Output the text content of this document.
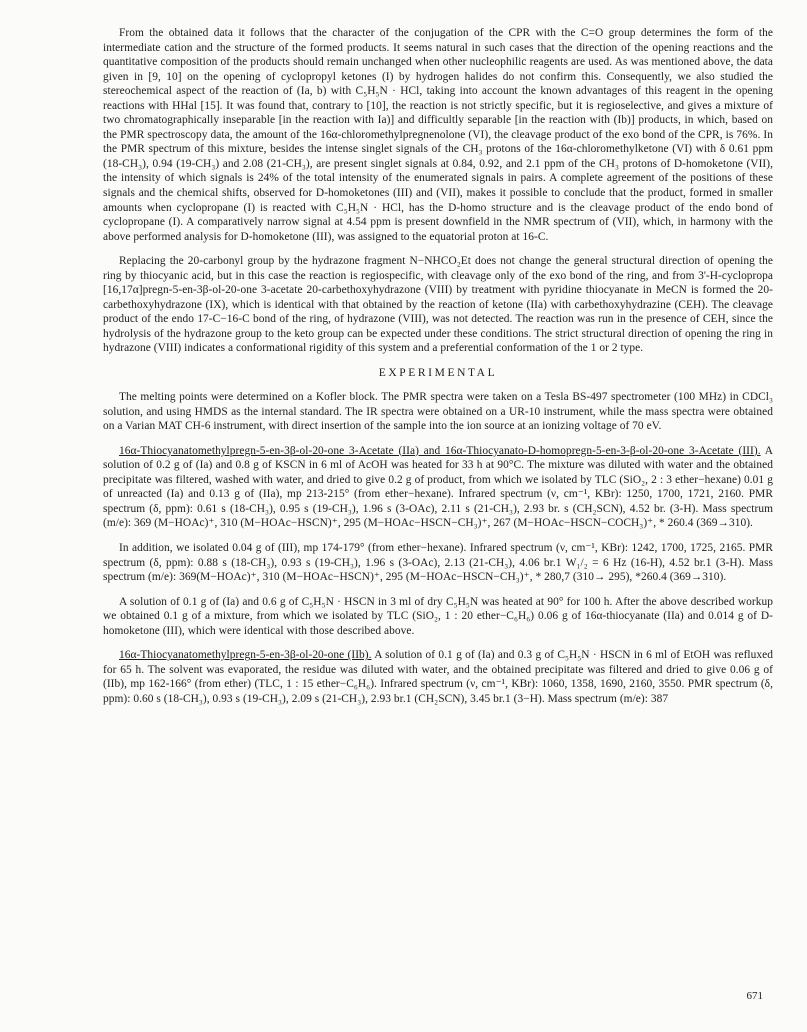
From the obtained data it follows that the character of the conjugation of the CPR with the C=O group determines the form of the intermediate cation and the structure of the formed products. It seems natural in such cases that the direction of the opening reactions and the quantitative composition of the products should remain unchanged when other nucleophilic reagents are used. As was mentioned above, the data given in [9, 10] on the opening of cyclopropyl ketones (I) by hydrogen halides do not confirm this. Consequently, we also studied the stereochemical aspect of the reaction of (Ia, b) with C₅H₅N · HCl, taking into account the known advantages of this reagent in the opening reactions with HHal [15]. It was found that, contrary to [10], the reaction is not strictly specific, but it is regioselective, and gives a mixture of two chromatographically inseparable [in the reaction with Ia)] and difficultly separable [in the reaction with (Ib)] products, in which, based on the PMR spectroscopy data, the amount of the 16α-chloromethylpregnenolone (VI), the cleavage product of the exo bond of the CPR, is 76%. In the PMR spectrum of this mixture, besides the intense singlet signals of the CH₃ protons of the 16α-chloromethylketone (VI) with δ 0.61 ppm (18-CH₃), 0.94 (19-CH₃) and 2.08 (21-CH₃), are present singlet signals at 0.84, 0.92, and 2.1 ppm of the CH₃ protons of D-homoketone (VII), the intensity of which signals is 24% of the total intensity of the enumerated signals in pairs. A complete agreement of the positions of these signals and the chemical shifts, observed for D-homoketones (III) and (VII), makes it possible to conclude that the product, formed in smaller amounts when cyclopropane (I) is reacted with C₅H₅N · HCl, has the D-homo structure and is the cleavage product of the endo bond of cyclopropane (I). A comparatively narrow signal at 4.54 ppm is present downfield in the NMR spectrum of (VII), which, in harmony with the above performed analysis for D-homoketone (III), was assigned to the equatorial proton at 16-C.

Replacing the 20-carbonyl group by the hydrazone fragment N−NHCO₂Et does not change the general structural direction of opening the ring by thiocyanic acid, but in this case the reaction is regiospecific, with cleavage only of the exo bond of the ring, and from 3'-H-cyclopropa [16,17α]pregn-5-en-3β-ol-20-one 3-acetate 20-carbethoxyhydrazone (VIII) by treatment with pyridine thiocyanate in MeCN is formed the 20-carbethoxyhydrazone (IX), which is identical with that obtained by the reaction of ketone (IIa) with carbethoxyhydrazine (CEH). The cleavage product of the endo 17-C−16-C bond of the ring, of hydrazone (VIII), was not detected. The reaction was run in the presence of CEH, since the hydrolysis of the hydrazone group to the keto group can be expected under these conditions. The strict structural direction of opening the ring in hydrazone (VIII) indicates a conformational rigidity of this system and a preferential conformation of the 1 or 2 type.

EXPERIMENTAL

The melting points were determined on a Kofler block. The PMR spectra were taken on a Tesla BS-497 spectrometer (100 MHz) in CDCl₃ solution, and using HMDS as the internal standard. The IR spectra were obtained on a UR-10 instrument, while the mass spectra were obtained on a Varian MAT CH-6 instrument, with direct insertion of the sample into the ion source at an ionizing voltage of 70 eV.

16α-Thiocyanatomethylpregn-5-en-3β-ol-20-one 3-Acetate (IIa) and 16α-Thiocyanato-D-homopregn-5-en-3-β-ol-20-one 3-Acetate (III). A solution of 0.2 g of (Ia) and 0.8 g of KSCN in 6 ml of AcOH was heated for 33 h at 90°C. The mixture was diluted with water and the obtained precipitate was filtered, washed with water, and dried to give 0.2 g of product, from which we isolated by TLC (SiO₂, 2 : 3 ether−hexane) 0.01 g of unreacted (Ia) and 0.13 g of (IIa), mp 213-215° (from ether−hexane). Infrared spectrum (ν, cm⁻¹, KBr): 1250, 1700, 1721, 2160. PMR spectrum (δ, ppm): 0.61 s (18-CH₃), 0.95 s (19-CH₃), 1.96 s (3-OAc), 2.11 s (21-CH₃), 2.93 br. s (CH₂SCN), 4.52 br. (3-H). Mass spectrum (m/e): 369 (M−HOAc)⁺, 310 (M−HOAc−HSCN)⁺, 295 (M−HOAc−HSCN−CH₃)⁺, 267 (M−HOAc−HSCN−COCH₃)⁺, * 260.4 (369→310).

In addition, we isolated 0.04 g of (III), mp 174-179° (from ether−hexane). Infrared spectrum (ν, cm⁻¹, KBr): 1242, 1700, 1725, 2165. PMR spectrum (δ, ppm): 0.88 s (18-CH₃), 0.93 s (19-CH₃), 1.96 s (3-OAc), 2.13 (21-CH₃), 4.06 br.1 W₁/₂ = 6 Hz (16-H), 4.52 br.1 (3-H). Mass spectrum (m/e): 369(M−HOAc)⁺, 310 (M−HOAc−HSCN)⁺, 295 (M−HOAc−HSCN−CH₃)⁺, * 280,7 (310→ 295), *260.4 (369→310).

A solution of 0.1 g of (Ia) and 0.6 g of C₅H₅N · HSCN in 3 ml of dry C₅H₅N was heated at 90° for 100 h. After the above described workup we obtained 0.1 g of a mixture, from which we isolated by TLC (SiO₂, 1 : 20 ether−C₆H₆) 0.06 g of 16α-thiocyanate (IIa) and 0.014 g of D-homoketone (III), which were identical with those described above.

16α-Thiocyanatomethylpregn-5-en-3β-ol-20-one (IIb). A solution of 0.1 g of (Ia) and 0.3 g of C₅H₅N · HSCN in 6 ml of EtOH was refluxed for 65 h. The solvent was evaporated, the residue was diluted with water, and the obtained precipitate was filtered and dried to give 0.06 g of (IIb), mp 162-166° (from ether) (TLC, 1 : 15 ether−C₆H₆). Infrared spectrum (ν, cm⁻¹, KBr): 1060, 1358, 1690, 2160, 3550. PMR spectrum (δ, ppm): 0.60 s (18-CH₃), 0.93 s (19-CH₃), 2.09 s (21-CH₃), 2.93 br.1 (CH₂SCN), 3.45 br.1 (3−H). Mass spectrum (m/e): 387

671
